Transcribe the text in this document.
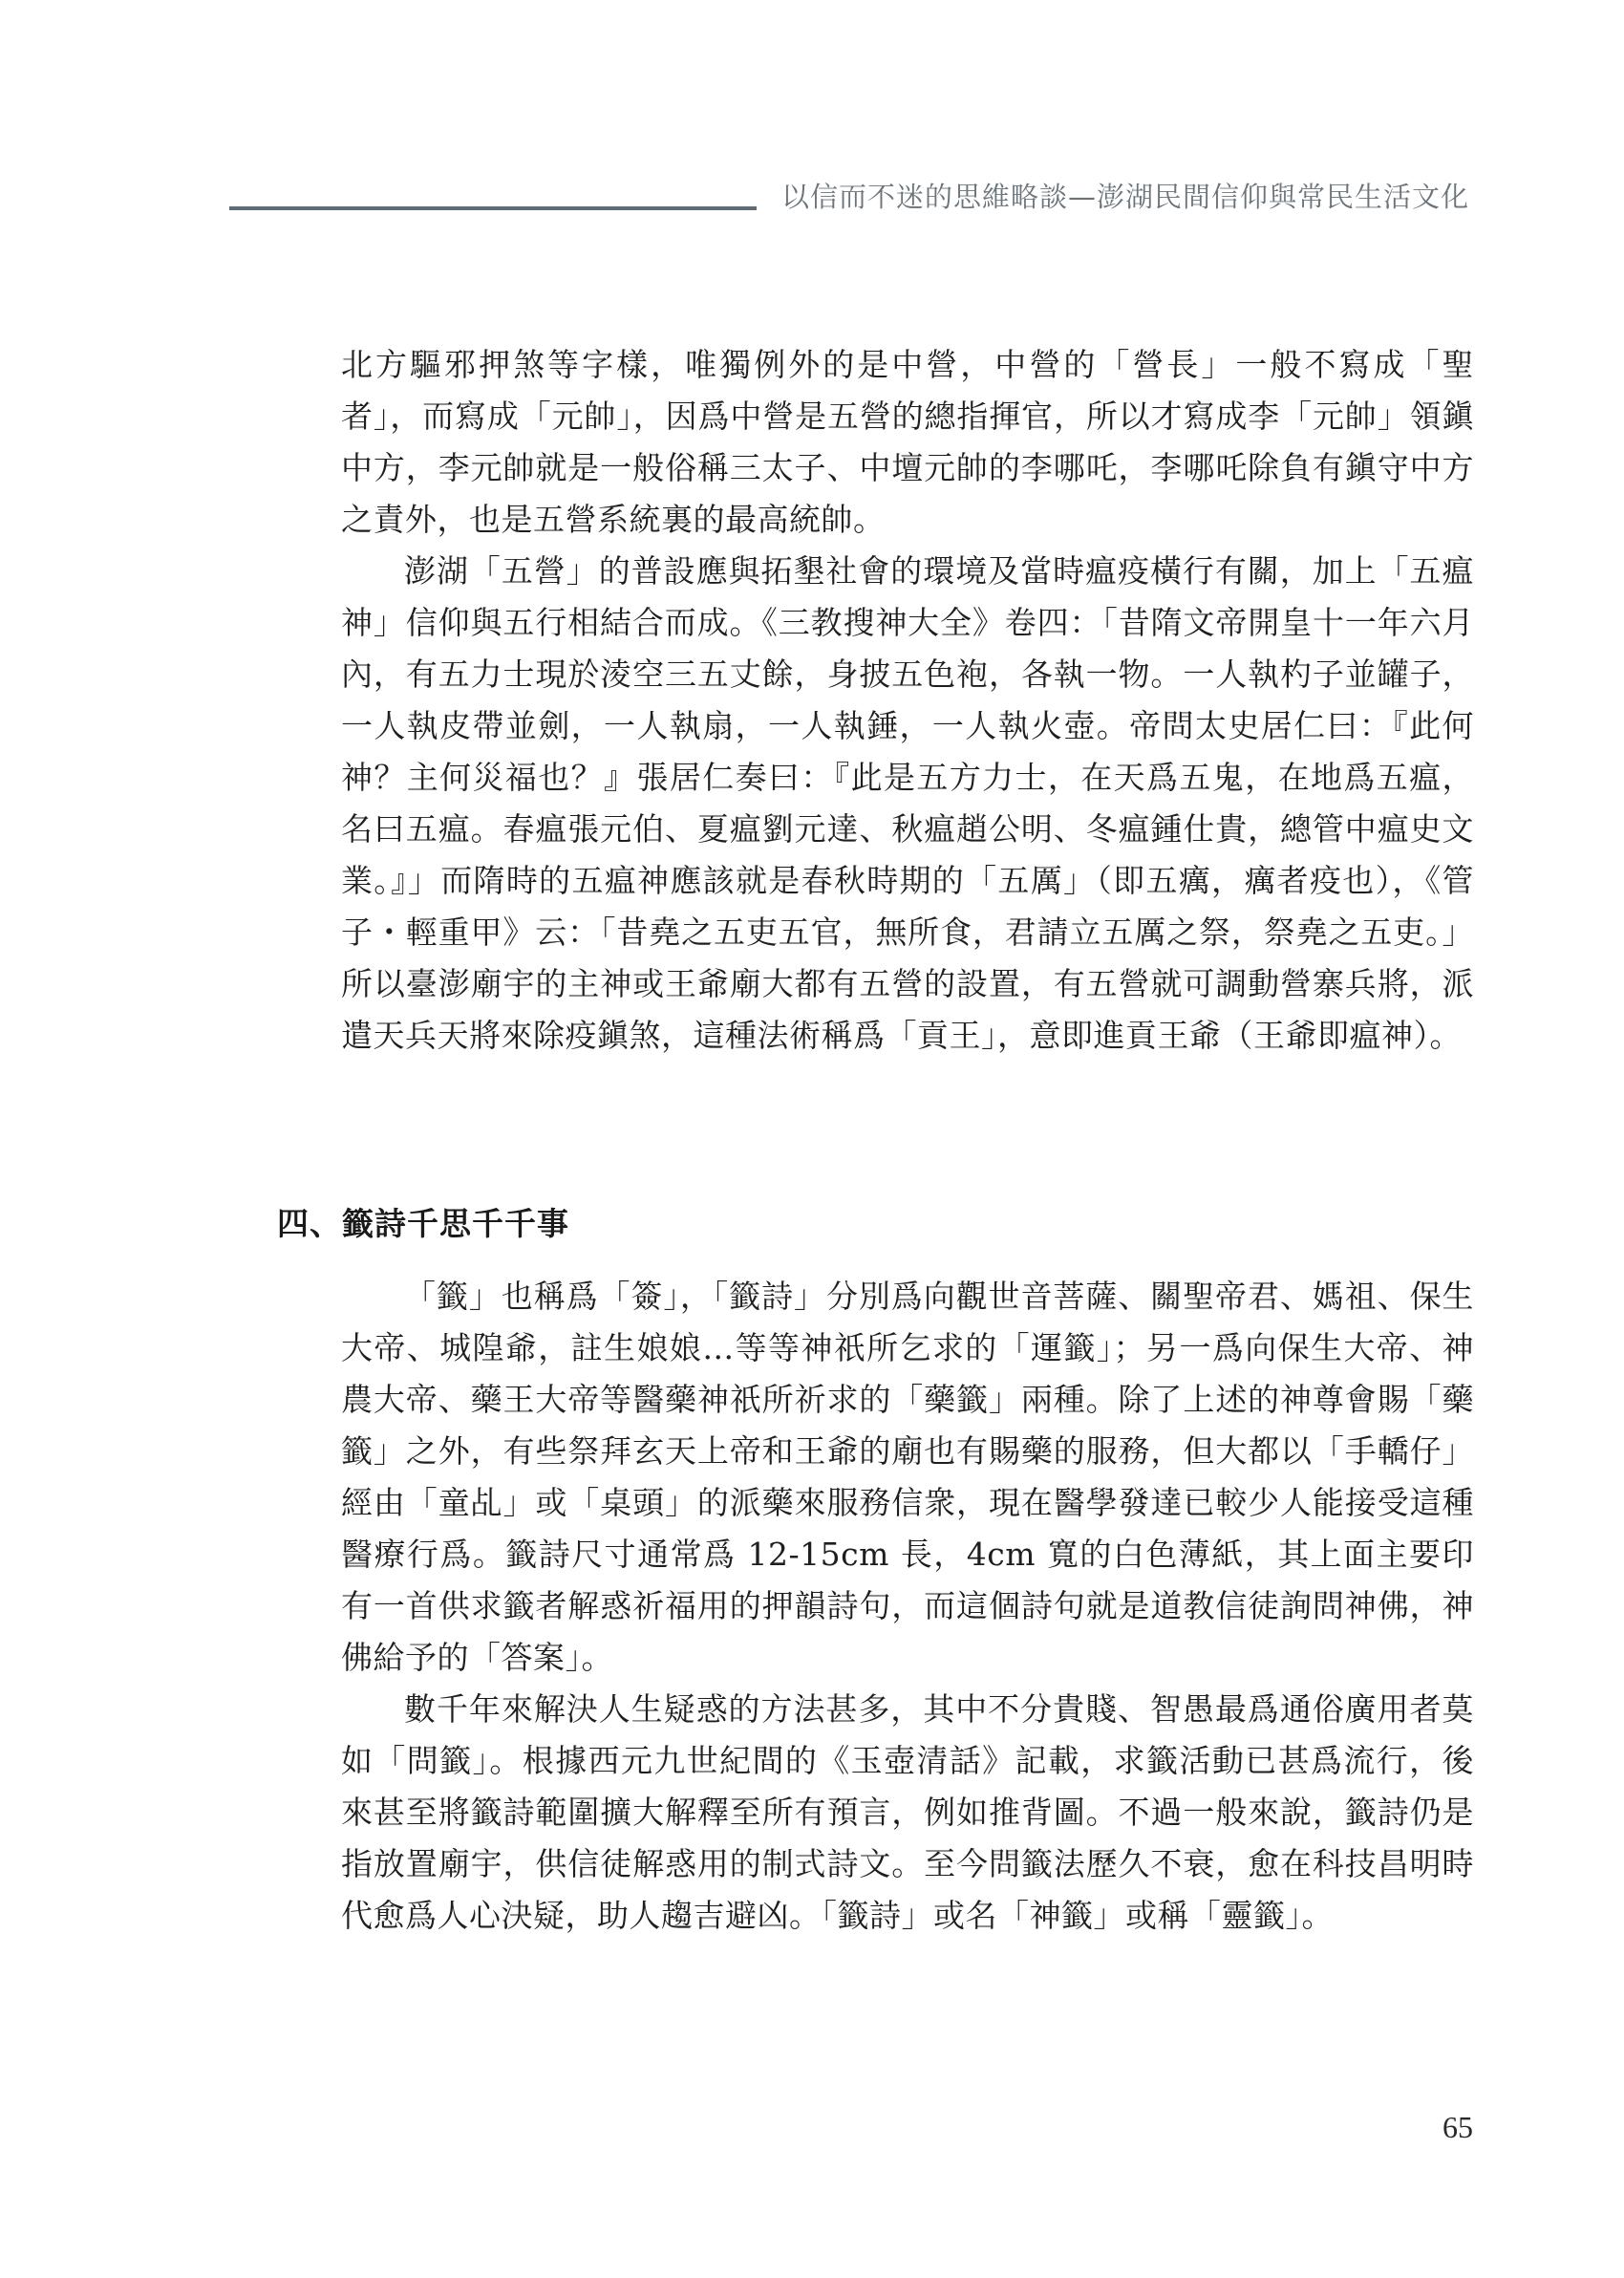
以信而不迷的思維略談—澎湖民間信仰與常民生活文化

北方驅邪押煞等字樣，唯獨例外的是中營，中營的「營長」一般不寫成「聖者」，而寫成「元帥」，因爲中營是五營的總指揮官，所以才寫成李「元帥」領鎭中方，李元帥就是一般俗稱三太子、中壇元帥的李哪吒，李哪吒除負有鎭守中方之責外，也是五營系統裏的最高統帥。

澎湖「五營」的普設應與拓墾社會的環境及當時瘟疫橫行有關，加上「五瘟神」信仰與五行相結合而成。《三教搜神大全》卷四：「昔隋文帝開皇十一年六月內，有五力士現於淩空三五丈餘，身披五色袍，各執一物。一人執杓子並罐子，一人執皮帶並劍，一人執扇，一人執錘，一人執火壺。帝問太史居仁曰：『此何神？主何災福也？』張居仁奏曰：『此是五方力士，在天爲五鬼，在地爲五瘟，名曰五瘟。春瘟張元伯、夏瘟劉元達、秋瘟趙公明、冬瘟鍾仕貴，總管中瘟史文業。』」而隋時的五瘟神應該就是春秋時期的「五厲」（即五癘，癘者疫也），《管子・輕重甲》云：「昔堯之五吏五官，無所食，君請立五厲之祭，祭堯之五吏。」所以臺澎廟宇的主神或王爺廟大都有五營的設置，有五營就可調動營寨兵將，派遣天兵天將來除疫鎭煞，這種法術稱爲「貢王」，意即進貢王爺（王爺即瘟神）。

四、籤詩千思千千事

「籤」也稱爲「簽」，「籤詩」分別爲向觀世音菩薩、關聖帝君、媽祖、保生大帝、城隍爺，註生娘娘…等等神祇所乞求的「運籤」；另一爲向保生大帝、神農大帝、藥王大帝等醫藥神祇所祈求的「藥籤」兩種。除了上述的神尊會賜「藥籤」之外，有些祭拜玄天上帝和王爺的廟也有賜藥的服務，但大都以「手轎仔」經由「童乩」或「桌頭」的派藥來服務信衆，現在醫學發達已較少人能接受這種醫療行爲。籤詩尺寸通常爲 12-15cm 長，4cm 寬的白色薄紙，其上面主要印有一首供求籤者解惑祈福用的押韻詩句，而這個詩句就是道教信徒詢問神佛，神佛給予的「答案」。

數千年來解決人生疑惑的方法甚多，其中不分貴賤、智愚最爲通俗廣用者莫如「問籤」。根據西元九世紀間的《玉壺清話》記載，求籤活動已甚爲流行，後來甚至將籤詩範圍擴大解釋至所有預言，例如推背圖。不過一般來說，籤詩仍是指放置廟宇，供信徒解惑用的制式詩文。至今問籤法歷久不衰，愈在科技昌明時代愈爲人心決疑，助人趨吉避凶。「籤詩」或名「神籤」或稱「靈籤」。

65
